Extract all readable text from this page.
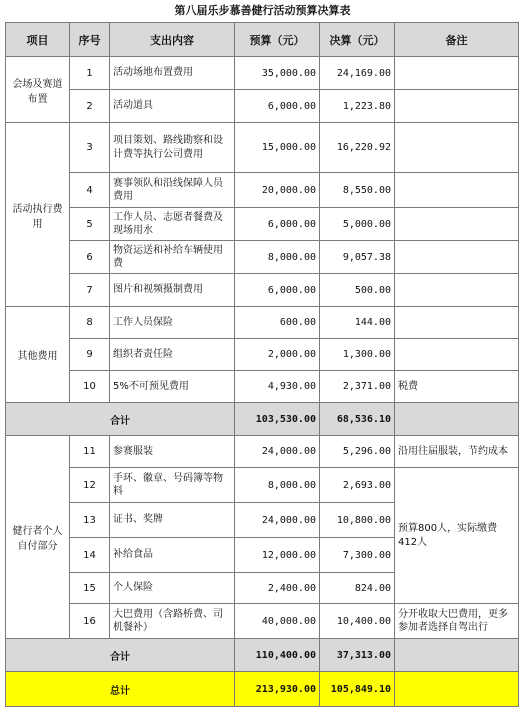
第八届乐步慕善健行活动预算决算表
项目	序号	支出内容	预算（元）	决算（元）	备注
会场及赛道布置	1	活动场地布置费用	35,000.00	24,169.00	
	2	活动道具	6,000.00	1,223.80	
活动执行费用	3	项目策划、路线勘察和设计费等执行公司费用	15,000.00	16,220.92	
	4	赛事领队和沿线保障人员费用	20,000.00	8,550.00	
	5	工作人员、志愿者餐费及现场用水	6,000.00	5,000.00	
	6	物资运送和补给车辆使用费	8,000.00	9,057.38	
	7	图片和视频摄制费用	6,000.00	500.00	
其他费用	8	工作人员保险	600.00	144.00	
	9	组织者责任险	2,000.00	1,300.00	
	10	5%不可预见费用	4,930.00	2,371.00	税费
合计			103,530.00	68,536.10	
健行者个人自付部分	11	参赛服装	24,000.00	5,296.00	沿用往届服装，节约成本
	12	手环、徽章、号码簿等物料	8,000.00	2,693.00	预算800人，实际缴费412人
	13	证书、奖牌	24,000.00	10,800.00	
	14	补给食品	12,000.00	7,300.00	
	15	个人保险	2,400.00	824.00	
	16	大巴费用（含路桥费、司机餐补）	40,000.00	10,400.00	分开收取大巴费用，更多参加者选择自驾出行
合计			110,400.00	37,313.00	
总计			213,930.00	105,849.10	
